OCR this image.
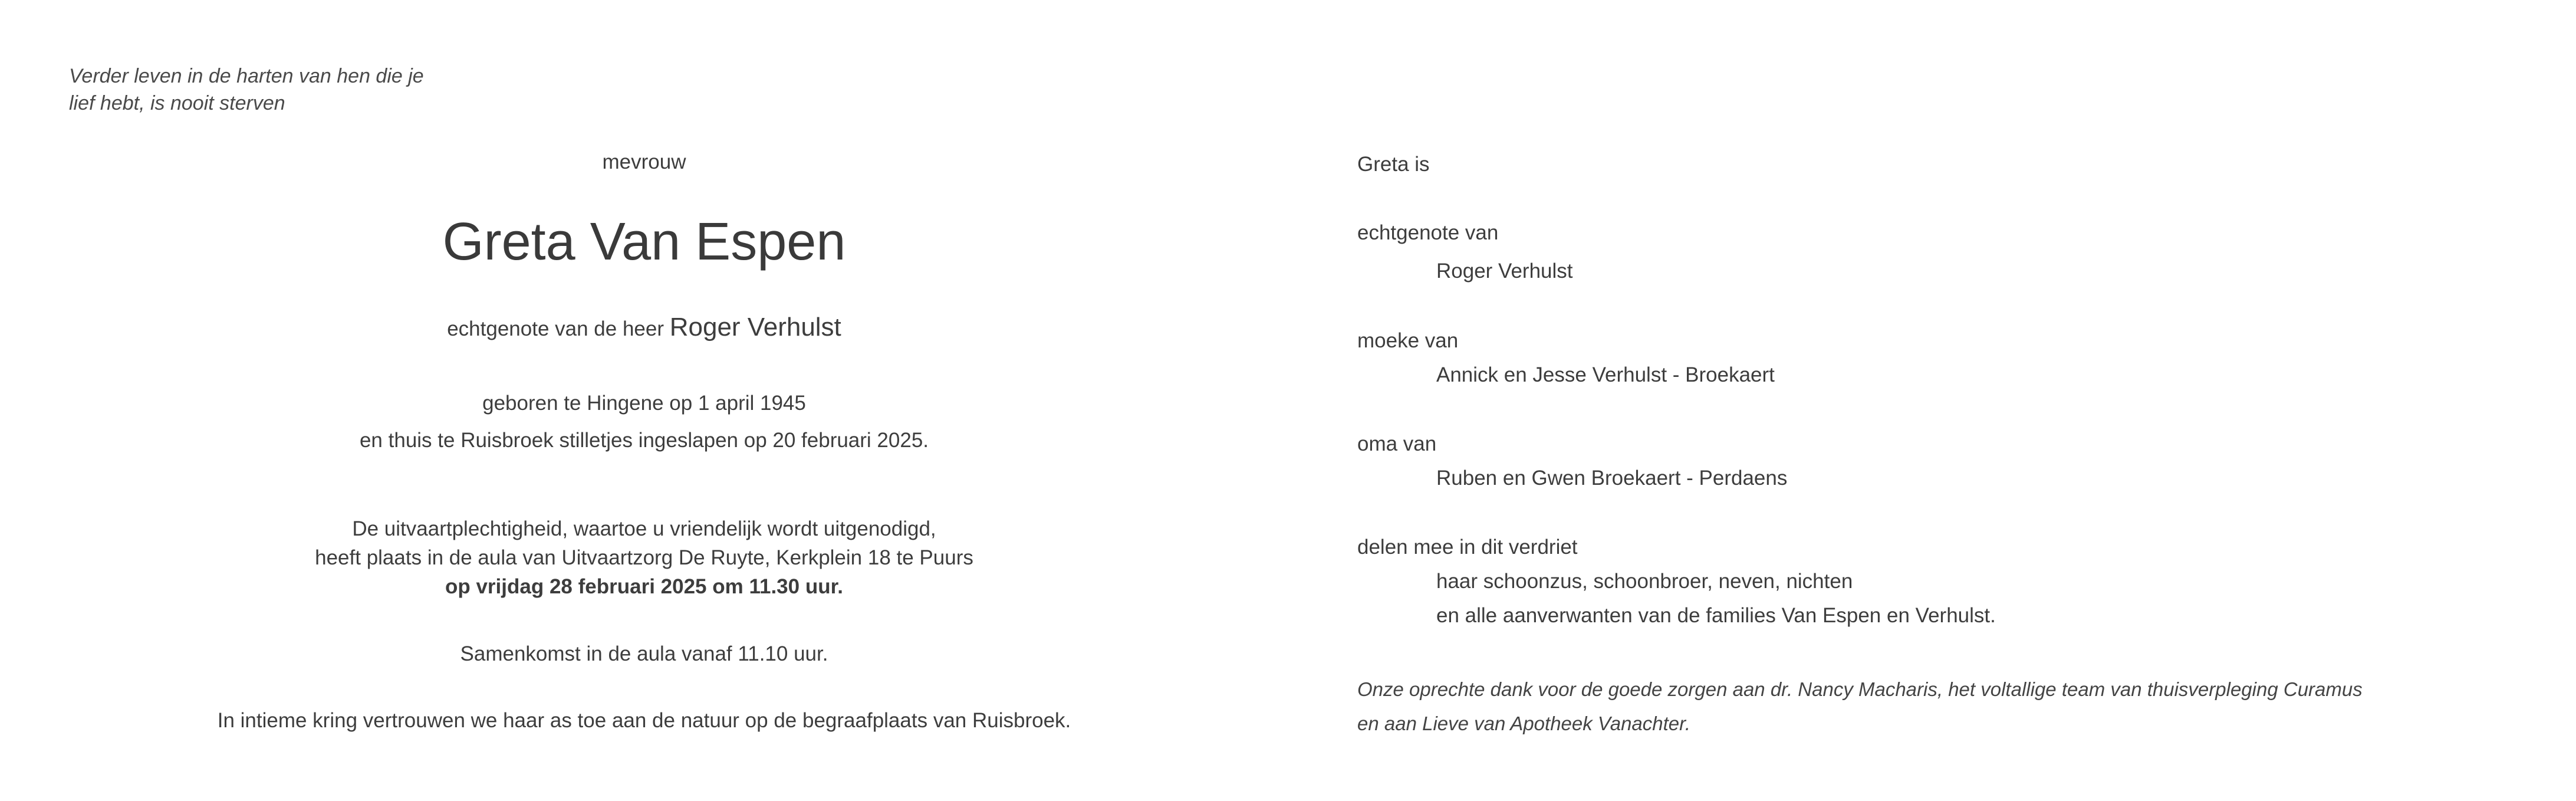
Verder leven in de harten van hen die je
lief hebt, is nooit sterven
mevrouw
Greta Van Espen
echtgenote van de heer Roger Verhulst
geboren te Hingene op 1 april 1945
en thuis te Ruisbroek stilletjes ingeslapen op 20 februari 2025.
De uitvaartplechtigheid, waartoe u vriendelijk wordt uitgenodigd,
heeft plaats in de aula van Uitvaartzorg De Ruyte, Kerkplein 18 te Puurs
op vrijdag 28 februari 2025 om 11.30 uur.
Samenkomst in de aula vanaf 11.10 uur.
In intieme kring vertrouwen we haar as toe aan de natuur op de begraafplaats van Ruisbroek.
Greta is
echtgenote van
Roger Verhulst
moeke van
Annick en Jesse Verhulst - Broekaert
oma van
Ruben en Gwen Broekaert - Perdaens
delen mee in dit verdriet
haar schoonzus, schoonbroer, neven, nichten
en alle aanverwanten van de families Van Espen en Verhulst.
Onze oprechte dank voor de goede zorgen aan dr. Nancy Macharis, het voltallige team van thuisverpleging Curamus
en aan Lieve van Apotheek Vanachter.
